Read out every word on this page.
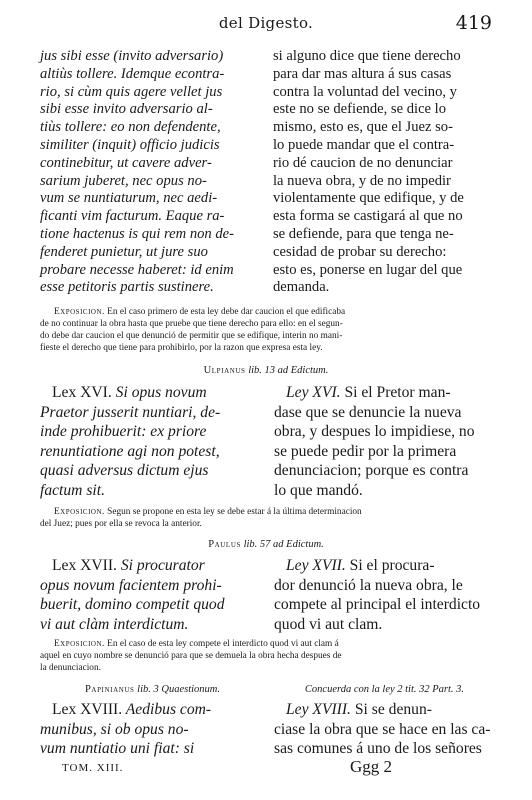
del Digesto.	419
jus sibi esse (invito adversario)
altiùs tollere. Idemque econtra-
rio, si cùm quis agere vellet jus
sibi esse invito adversario al-
tiùs tollere: eo non defendente,
similiter (inquit) officio judicis
continebitur, ut cavere adver-
sarium juberet, nec opus no-
vum se nuntiaturum, nec aedi-
ficanti vim facturum. Eaque ra-
tione hactenus is qui rem non de-
fenderet punietur, ut jure suo
probare necesse haberet: id enim
esse petitoris partis sustinere.
si alguno dice que tiene derecho
para dar mas altura á sus casas
contra la voluntad del vecino, y
este no se defiende, se dice lo
mismo, esto es, que el Juez so-
lo puede mandar que el contra-
rio dé caucion de no denunciar
la nueva obra, y de no impedir
violentamente que edifique, y de
esta forma se castigará al que no
se defiende, para que tenga ne-
cesidad de probar su derecho:
esto es, ponerse en lugar del que
demanda.
Exposicion. En el caso primero de esta ley debe dar caucion el que edificaba
de no continuar la obra hasta que pruebe que tiene derecho para ello: en el segun-
do debe dar caucion el que denunció de permitir que se edifique, interin no mani-
fieste el derecho que tiene para prohibirlo, por la razon que expresa esta ley.
Ulpianus lib. 13 ad Edictum.
Lex XVI. Si opus novum
Praetor jusserit nuntiari, de-
inde prohibuerit: ex priore
renuntiatione agi non potest,
quasi adversus dictum ejus
factum sit.
Ley XVI. Si el Pretor man-
dase que se denuncie la nueva
obra, y despues lo impidiese, no
se puede pedir por la primera
denunciacion; porque es contra
lo que mandó.
Exposicion. Segun se propone en esta ley se debe estar á la última determinacion
del Juez; pues por ella se revoca la anterior.
Paulus lib. 57 ad Edictum.
Lex XVII. Si procurator
opus novum facientem prohi-
buerit, domino competit quod
vi aut clàm interdictum.
Ley XVII. Si el procura-
dor denunció la nueva obra, le
compete al principal el interdicto
quod vi aut clam.
Exposicion. En el caso de esta ley compete el interdicto quod vi aut clam á
aquel en cuyo nombre se denunció para que se demuela la obra hecha despues de
la denunciacion.
Papinianus lib. 3 Quaestionum.	Concuerda con la ley 2 tit. 32 Part. 3.
Lex XVIII. Aedibus com-
munibus, si ob opus no-
vum nuntiatio uni fiat: si
Ley XVIII. Si se denun-
ciase la obra que se hace en las ca-
sas comunes á uno de los señores
TOM. XIII.	Ggg 2
